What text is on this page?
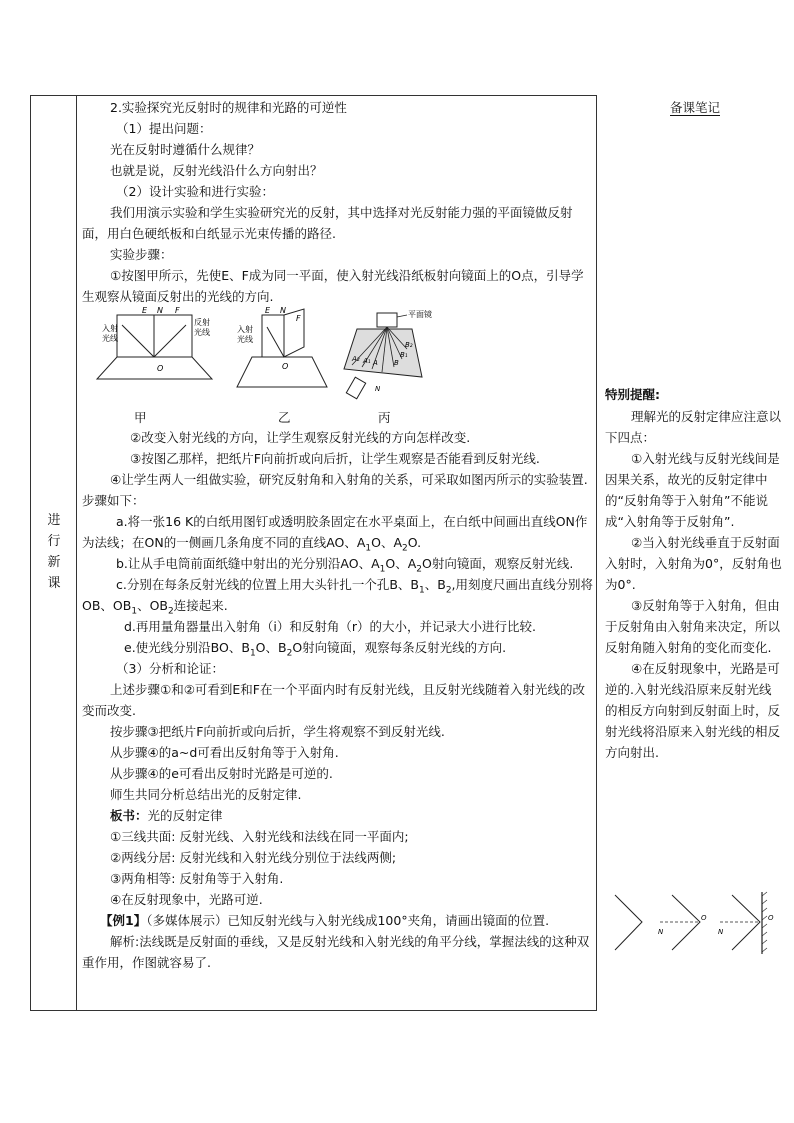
进
行
新
课

2.实验探究光反射时的规律和光路的可逆性

（1）提出问题：

光在反射时遵循什么规律？

也就是说，反射光线沿什么方向射出？

（2）设计实验和进行实验：

我们用演示实验和学生实验研究光的反射，其中选择对光反射能力强的平面镜做反射面，用白色硬纸板和白纸显示光束传播的路径.

实验步骤：

①按图甲所示，先使E、F成为同一平面，使入射光线沿纸板射向镜面上的O点，引导学生观察从镜面反射出的光线的方向.

E N F
O
入射
光线
反射
光线
E N
F
O
入射
光线
平面镜
A₂ A₁ A
B₂
B₁
B
N
甲	乙	丙

②改变入射光线的方向，让学生观察反射光线的方向怎样改变.

③按图乙那样，把纸片F向前折或向后折，让学生观察是否能看到反射光线.

④让学生两人一组做实验，研究反射角和入射角的关系，可采取如图丙所示的实验装置.步骤如下：

a.将一张16 K的白纸用图钉或透明胶条固定在水平桌面上，在白纸中间画出直线ON作为法线；在ON的一侧画几条角度不同的直线AO、$A_1O$、$A_2O$.

b.让从手电筒前面纸缝中射出的光分别沿AO、$A_1O$、$A_2O$射向镜面，观察反射光线.

c.分别在每条反射光线的位置上用大头针扎一个孔B、$B_1$、$B_2$,用刻度尺画出直线分别将OB、$OB_1$、$OB_2$连接起来.

d.再用量角器量出入射角（i）和反射角（r）的大小，并记录大小进行比较.

e.使光线分别沿BO、$B_1O$、$B_2O$射向镜面，观察每条反射光线的方向.

（3）分析和论证：

上述步骤①和②可看到E和F在一个平面内时有反射光线，且反射光线随着入射光线的改变而改变.

按步骤③把纸片F向前折或向后折，学生将观察不到反射光线.

从步骤④的a~d可看出反射角等于入射角.

从步骤④的e可看出反射时光路是可逆的.

师生共同分析总结出光的反射定律.

板书：光的反射定律

①三线共面: 反射光线、入射光线和法线在同一平面内;

②两线分居: 反射光线和入射光线分别位于法线两侧;

③两角相等: 反射角等于入射角.

④在反射现象中，光路可逆.

【例1】（多媒体展示）已知反射光线与入射光线成100°夹角，请画出镜面的位置.

解析:法线既是反射面的垂线，又是反射光线和入射光线的角平分线，掌握法线的这种双重作用，作图就容易了.

备课笔记

特别提醒:

理解光的反射定律应注意以下四点：

①入射光线与反射光线间是因果关系，故光的反射定律中的“反射角等于入射角”不能说成“入射角等于反射角”.

②当入射光线垂直于反射面入射时，入射角为0°，反射角也为0°.

③反射角等于入射角，但由于反射角由入射角来决定，所以反射角随入射角的变化而变化.

④在反射现象中，光路是可逆的.入射光线沿原来反射光线的相反方向射到反射面上时，反射光线将沿原来入射光线的相反方向射出.

N
O
N
O
